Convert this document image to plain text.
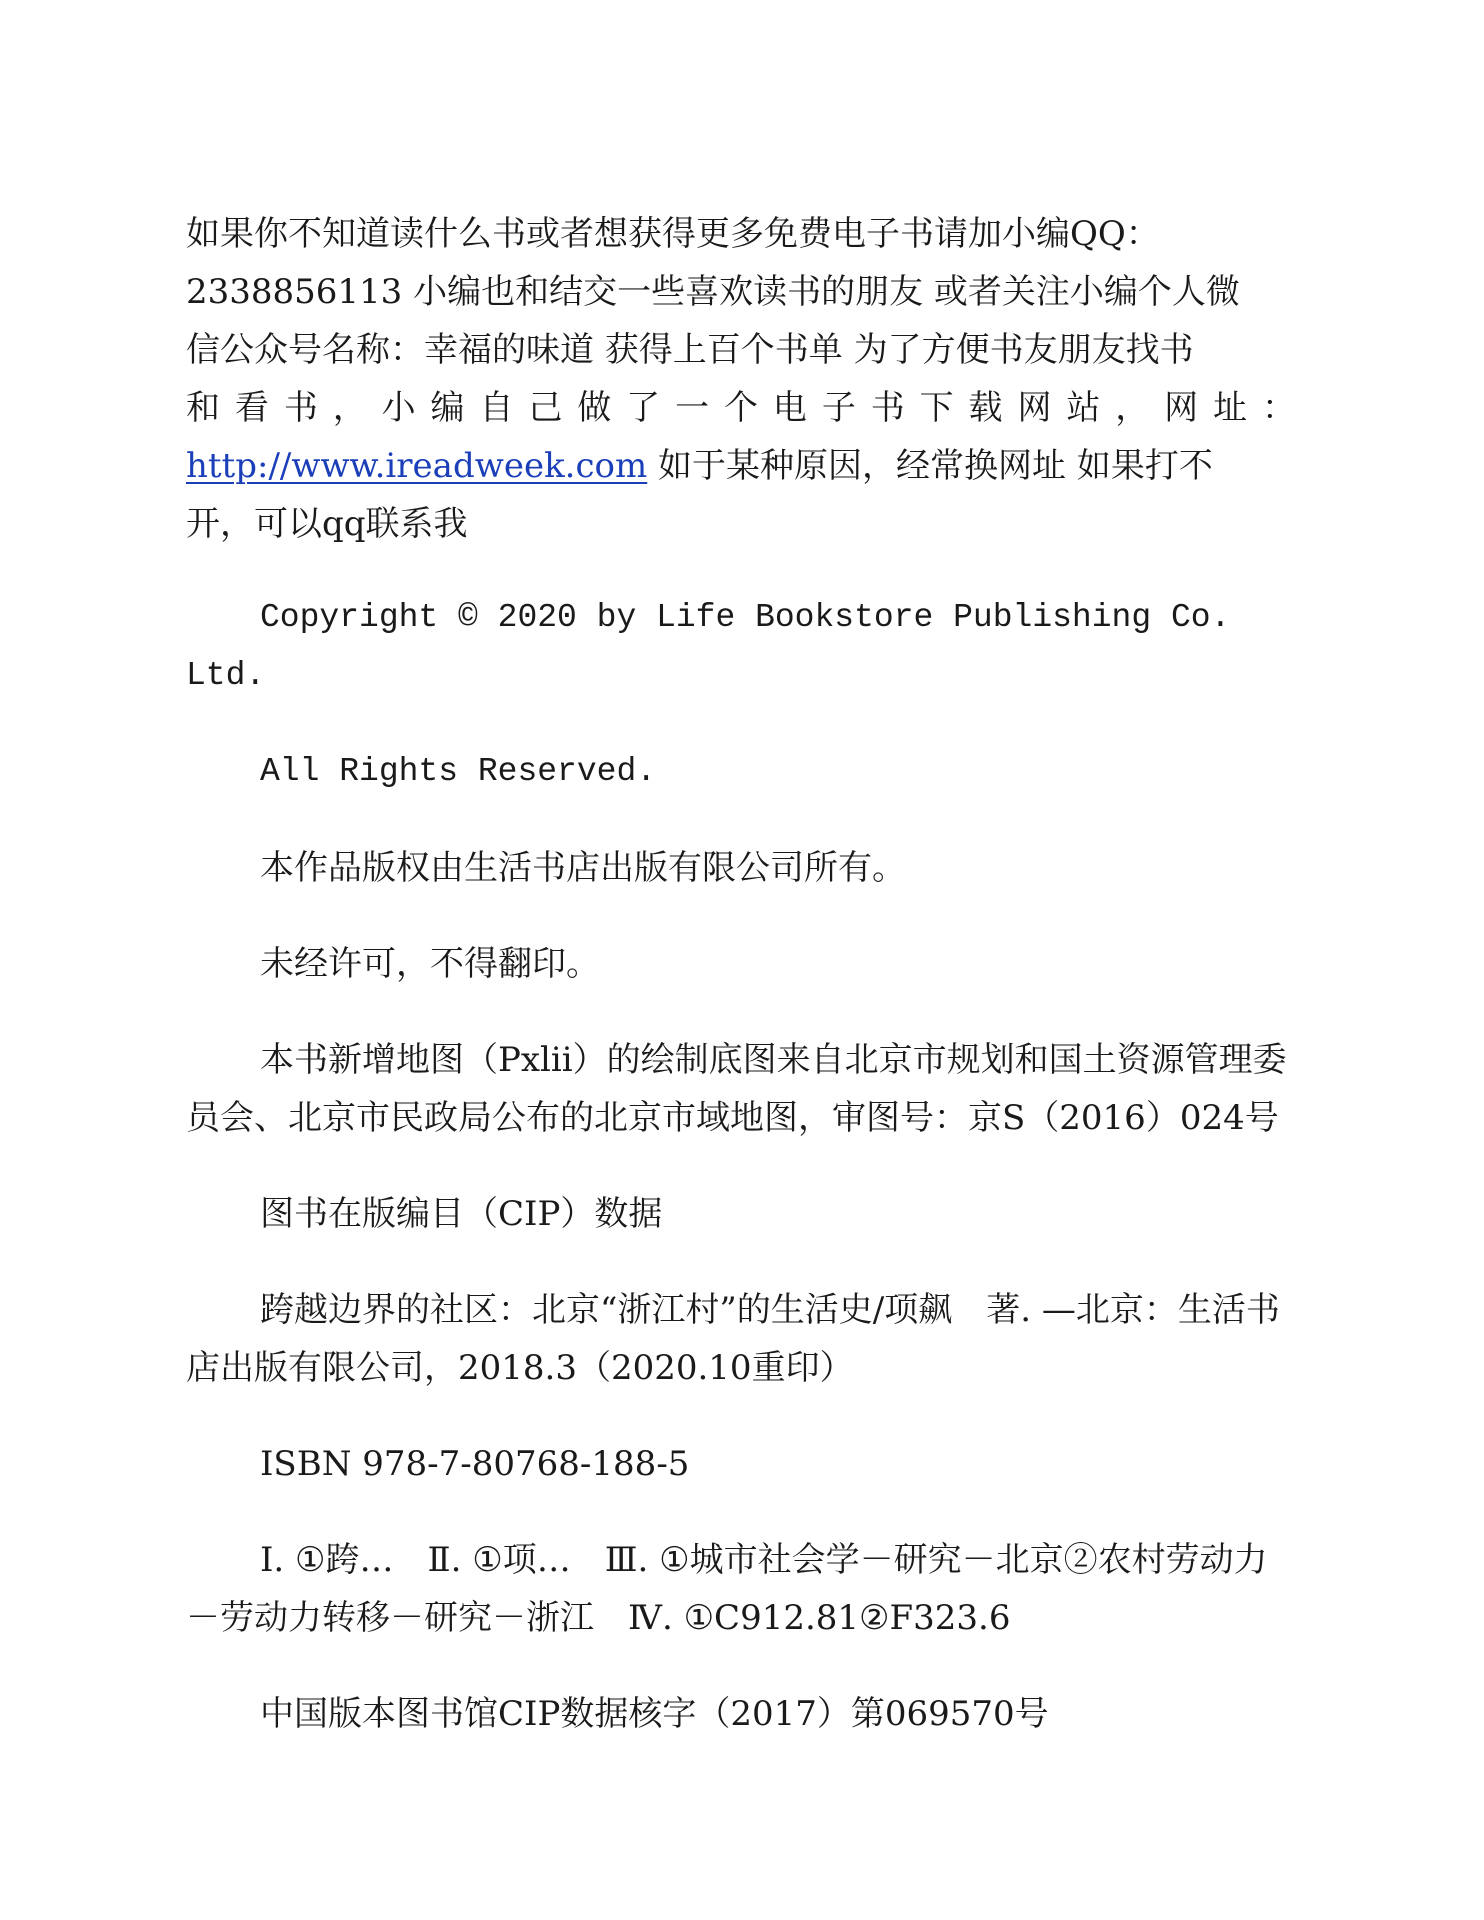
如果你不知道读什么书或者想获得更多免费电子书请加小编QQ：
2338856113 小编也和结交一些喜欢读书的朋友 或者关注小编个人微
信公众号名称：幸福的味道 获得上百个书单 为了方便书友朋友找书

和看书，小编自己做了一个电子书下载网站，网址：
http://www.ireadweek.com 如于某种原因，经常换网址 如果打不
开，可以qq联系我

Copyright © 2020 by Life Bookstore Publishing Co. Ltd.

All Rights Reserved.

本作品版权由生活书店出版有限公司所有。

未经许可，不得翻印。

本书新增地图（Pxlii）的绘制底图来自北京市规划和国土资源管理委员会、北京市民政局公布的北京市域地图，审图号：京S（2016）024号

图书在版编目（CIP）数据

跨越边界的社区：北京“浙江村”的生活史/项飙　著. —北京：生活书店出版有限公司，2018.3（2020.10重印）

ISBN 978-7-80768-188-5

Ⅰ. ①跨…　Ⅱ. ①项…　Ⅲ. ①城市社会学－研究－北京②农村劳动力－劳动力转移－研究－浙江　Ⅳ. ①C912.81②F323.6

中国版本图书馆CIP数据核字（2017）第069570号
